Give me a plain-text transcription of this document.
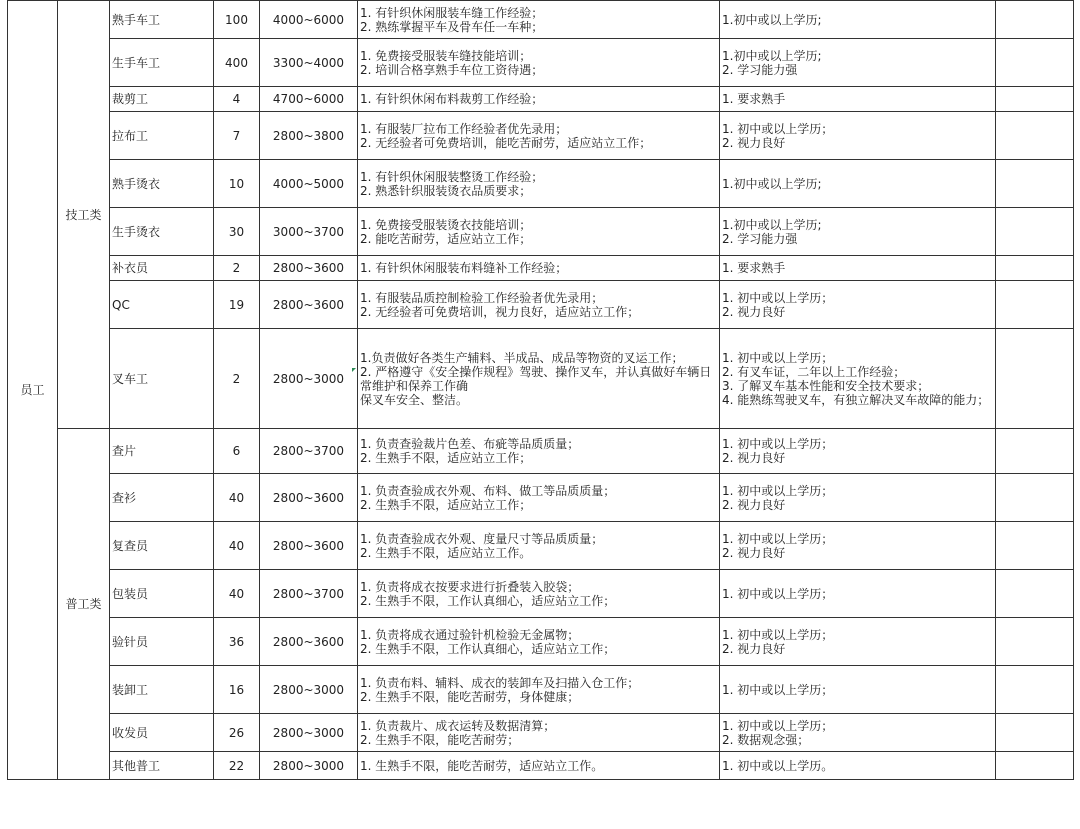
员工	技工类	熟手车工	100	4000~6000	1. 有针织休闲服装车缝工作经验；
2. 熟练掌握平车及骨车任一车种；	1.初中或以上学历;	
		生手车工	400	3300~4000	1. 免费接受服装车缝技能培训；
2. 培训合格享熟手车位工资待遇；	1.初中或以上学历;
2. 学习能力强	
		裁剪工	4	4700~6000	1. 有针织休闲布料裁剪工作经验；	1. 要求熟手	
		拉布工	7	2800~3800	1. 有服装厂拉布工作经验者优先录用；
2. 无经验者可免费培训，能吃苦耐劳，适应站立工作；	1. 初中或以上学历；
2. 视力良好	
		熟手烫衣	10	4000~5000	1. 有针织休闲服装整烫工作经验；
2. 熟悉针织服装烫衣品质要求；	1.初中或以上学历;	
		生手烫衣	30	3000~3700	1. 免费接受服装烫衣技能培训；
2. 能吃苦耐劳，适应站立工作；	1.初中或以上学历;
2. 学习能力强	
		补衣员	2	2800~3600	1. 有针织休闲服装布料缝补工作经验；	1. 要求熟手	
		QC	19	2800~3600	1. 有服装品质控制检验工作经验者优先录用；
2. 无经验者可免费培训，视力良好，适应站立工作；	1. 初中或以上学历；
2. 视力良好	
		叉车工	2	2800~3000	1.负责做好各类生产辅料、半成品、成品等物资的叉运工作；
2. 严格遵守《安全操作规程》驾驶、操作叉车，并认真做好车辆日常维护和保养工作确
保叉车安全、整洁。	1. 初中或以上学历；
2. 有叉车证，二年以上工作经验；
3. 了解叉车基本性能和安全技术要求；
4. 能熟练驾驶叉车，有独立解决叉车故障的能力；	
	普工类	查片	6	2800~3700	1. 负责查验裁片色差、布疵等品质质量；
2. 生熟手不限，适应站立工作；	1. 初中或以上学历；
2. 视力良好	
		查衫	40	2800~3600	1. 负责查验成衣外观、布料、做工等品质质量；
2. 生熟手不限，适应站立工作；	1. 初中或以上学历；
2. 视力良好	
		复查员	40	2800~3600	1. 负责查验成衣外观、度量尺寸等品质质量；
2. 生熟手不限，适应站立工作。	1. 初中或以上学历；
2. 视力良好	
		包装员	40	2800~3700	1. 负责将成衣按要求进行折叠装入胶袋；
2. 生熟手不限，工作认真细心，适应站立工作；	1. 初中或以上学历；	
		验针员	36	2800~3600	1. 负责将成衣通过验针机检验无金属物；
2. 生熟手不限，工作认真细心，适应站立工作；	1. 初中或以上学历；
2. 视力良好	
		装卸工	16	2800~3000	1. 负责布料、辅料、成衣的装卸车及扫描入仓工作；
2. 生熟手不限，能吃苦耐劳，身体健康；	1. 初中或以上学历；	
		收发员	26	2800~3000	1. 负责裁片、成衣运转及数据清算；
2. 生熟手不限，能吃苦耐劳；	1. 初中或以上学历；
2. 数据观念强；	
		其他普工	22	2800~3000	1. 生熟手不限，能吃苦耐劳，适应站立工作。	1. 初中或以上学历。	
